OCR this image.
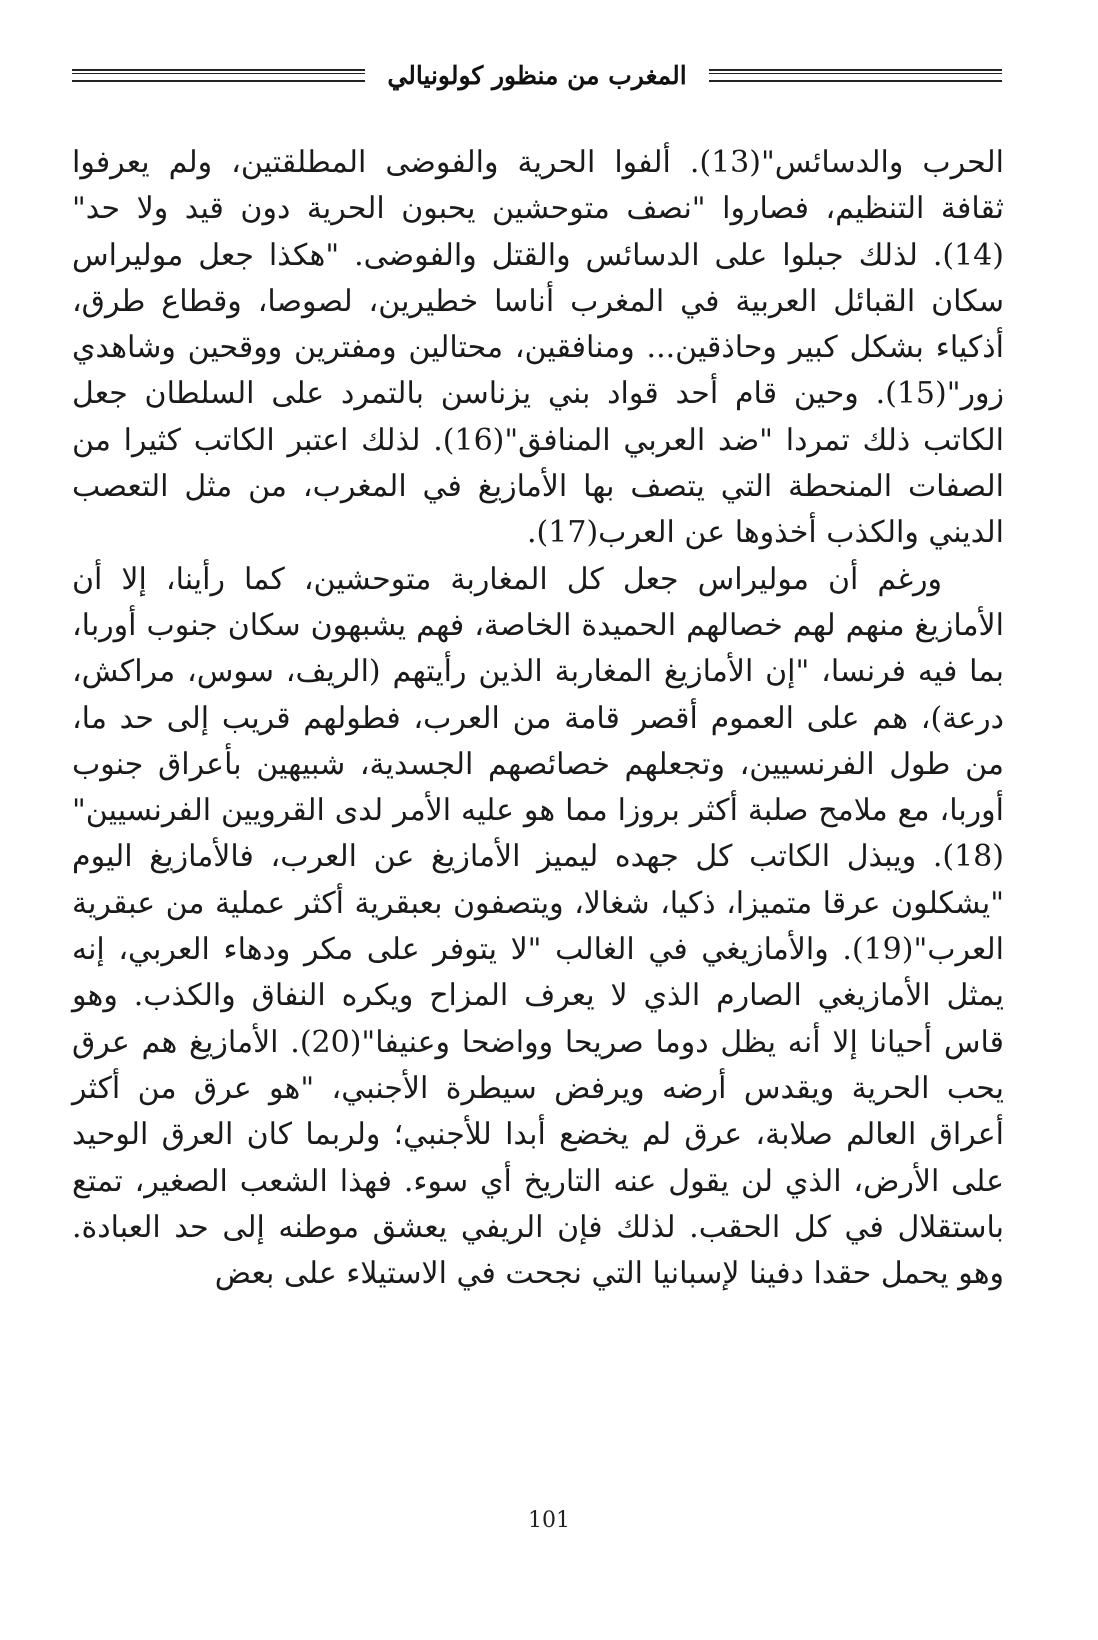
المغرب من منظور كولونيالي

الحرب والدسائس"(13). ألفوا الحرية والفوضى المطلقتين، ولم يعرفوا ثقافة التنظيم، فصاروا "نصف متوحشين يحبون الحرية دون قيد ولا حد"(14). لذلك جبلوا على الدسائس والقتل والفوضى. "هكذا جعل موليراس سكان القبائل العربية في المغرب أناسا خطيرين، لصوصا، وقطاع طرق، أذكياء بشكل كبير وحاذقين... ومنافقين، محتالين ومفترين ووقحين وشاهدي زور"(15). وحين قام أحد قواد بني يزناسن بالتمرد على السلطان جعل الكاتب ذلك تمردا "ضد العربي المنافق"(16). لذلك اعتبر الكاتب كثيرا من الصفات المنحطة التي يتصف بها الأمازيغ في المغرب، من مثل التعصب الديني والكذب أخذوها عن العرب(17).

ورغم أن موليراس جعل كل المغاربة متوحشين، كما رأينا، إلا أن الأمازيغ منهم لهم خصالهم الحميدة الخاصة، فهم يشبهون سكان جنوب أوربا، بما فيه فرنسا، "إن الأمازيغ المغاربة الذين رأيتهم (الريف، سوس، مراكش، درعة)، هم على العموم أقصر قامة من العرب، فطولهم قريب إلى حد ما، من طول الفرنسيين، وتجعلهم خصائصهم الجسدية، شبيهين بأعراق جنوب أوربا، مع ملامح صلبة أكثر بروزا مما هو عليه الأمر لدى القرويين الفرنسيين"(18). ويبذل الكاتب كل جهده ليميز الأمازيغ عن العرب، فالأمازيغ اليوم "يشكلون عرقا متميزا، ذكيا، شغالا، ويتصفون بعبقرية أكثر عملية من عبقرية العرب"(19). والأمازيغي في الغالب "لا يتوفر على مكر ودهاء العربي، إنه يمثل الأمازيغي الصارم الذي لا يعرف المزاح ويكره النفاق والكذب. وهو قاس أحيانا إلا أنه يظل دوما صريحا وواضحا وعنيفا"(20). الأمازيغ هم عرق يحب الحرية ويقدس أرضه ويرفض سيطرة الأجنبي، "هو عرق من أكثر أعراق العالم صلابة، عرق لم يخضع أبدا للأجنبي؛ ولربما كان العرق الوحيد على الأرض، الذي لن يقول عنه التاريخ أي سوء. فهذا الشعب الصغير، تمتع باستقلال في كل الحقب. لذلك فإن الريفي يعشق موطنه إلى حد العبادة. وهو يحمل حقدا دفينا لإسبانيا التي نجحت في الاستيلاء على بعض

101
